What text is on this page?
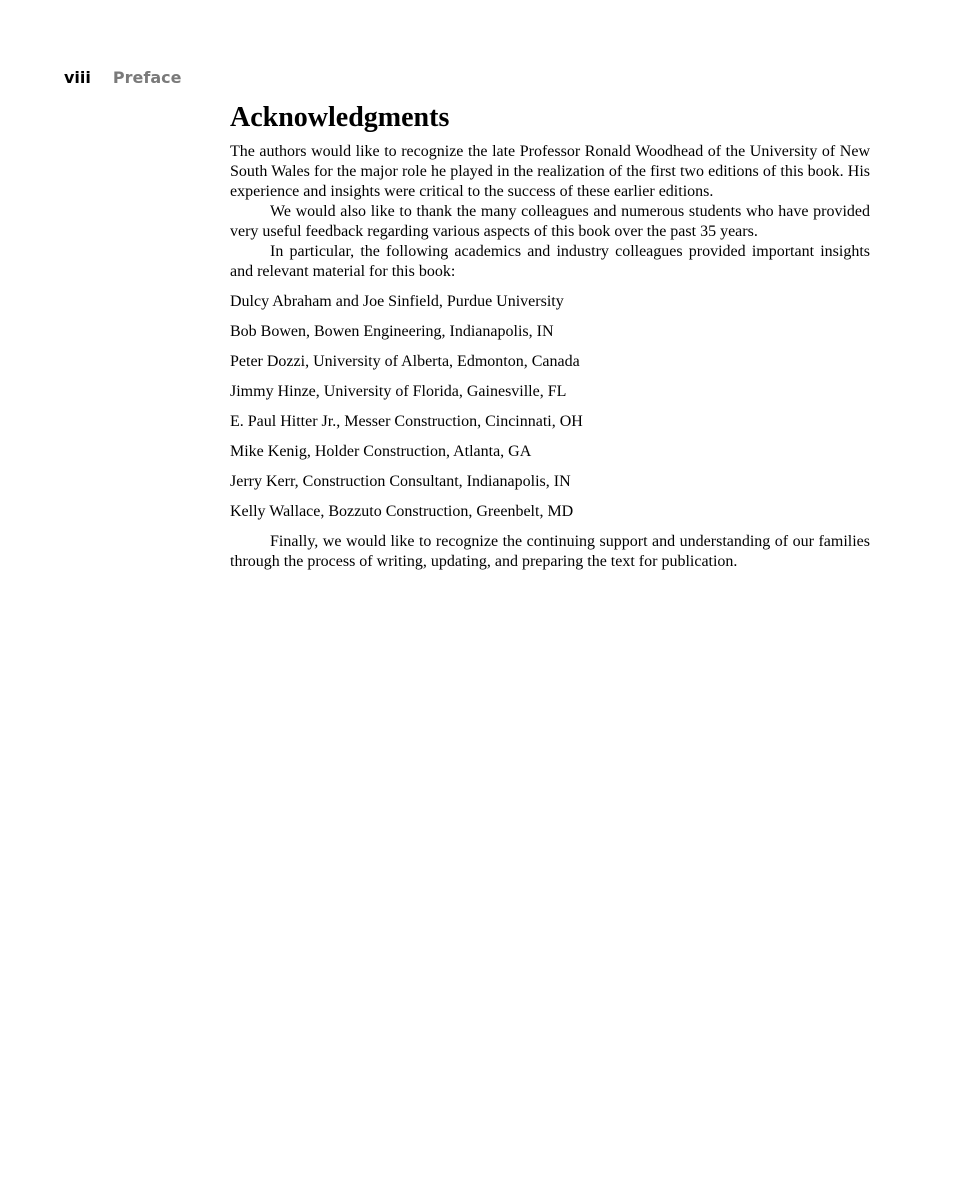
viii Preface
Acknowledgments

The authors would like to recognize the late Professor Ronald Woodhead of the University of New South Wales for the major role he played in the realization of the first two editions of this book. His experience and insights were critical to the success of these earlier editions.

We would also like to thank the many colleagues and numerous students who have provided very useful feedback regarding various aspects of this book over the past 35 years.

In particular, the following academics and industry colleagues provided important insights and relevant material for this book:

Dulcy Abraham and Joe Sinfield, Purdue University
Bob Bowen, Bowen Engineering, Indianapolis, IN
Peter Dozzi, University of Alberta, Edmonton, Canada
Jimmy Hinze, University of Florida, Gainesville, FL
E. Paul Hitter Jr., Messer Construction, Cincinnati, OH
Mike Kenig, Holder Construction, Atlanta, GA
Jerry Kerr, Construction Consultant, Indianapolis, IN
Kelly Wallace, Bozzuto Construction, Greenbelt, MD

Finally, we would like to recognize the continuing support and understanding of our families through the process of writing, updating, and preparing the text for publication.
